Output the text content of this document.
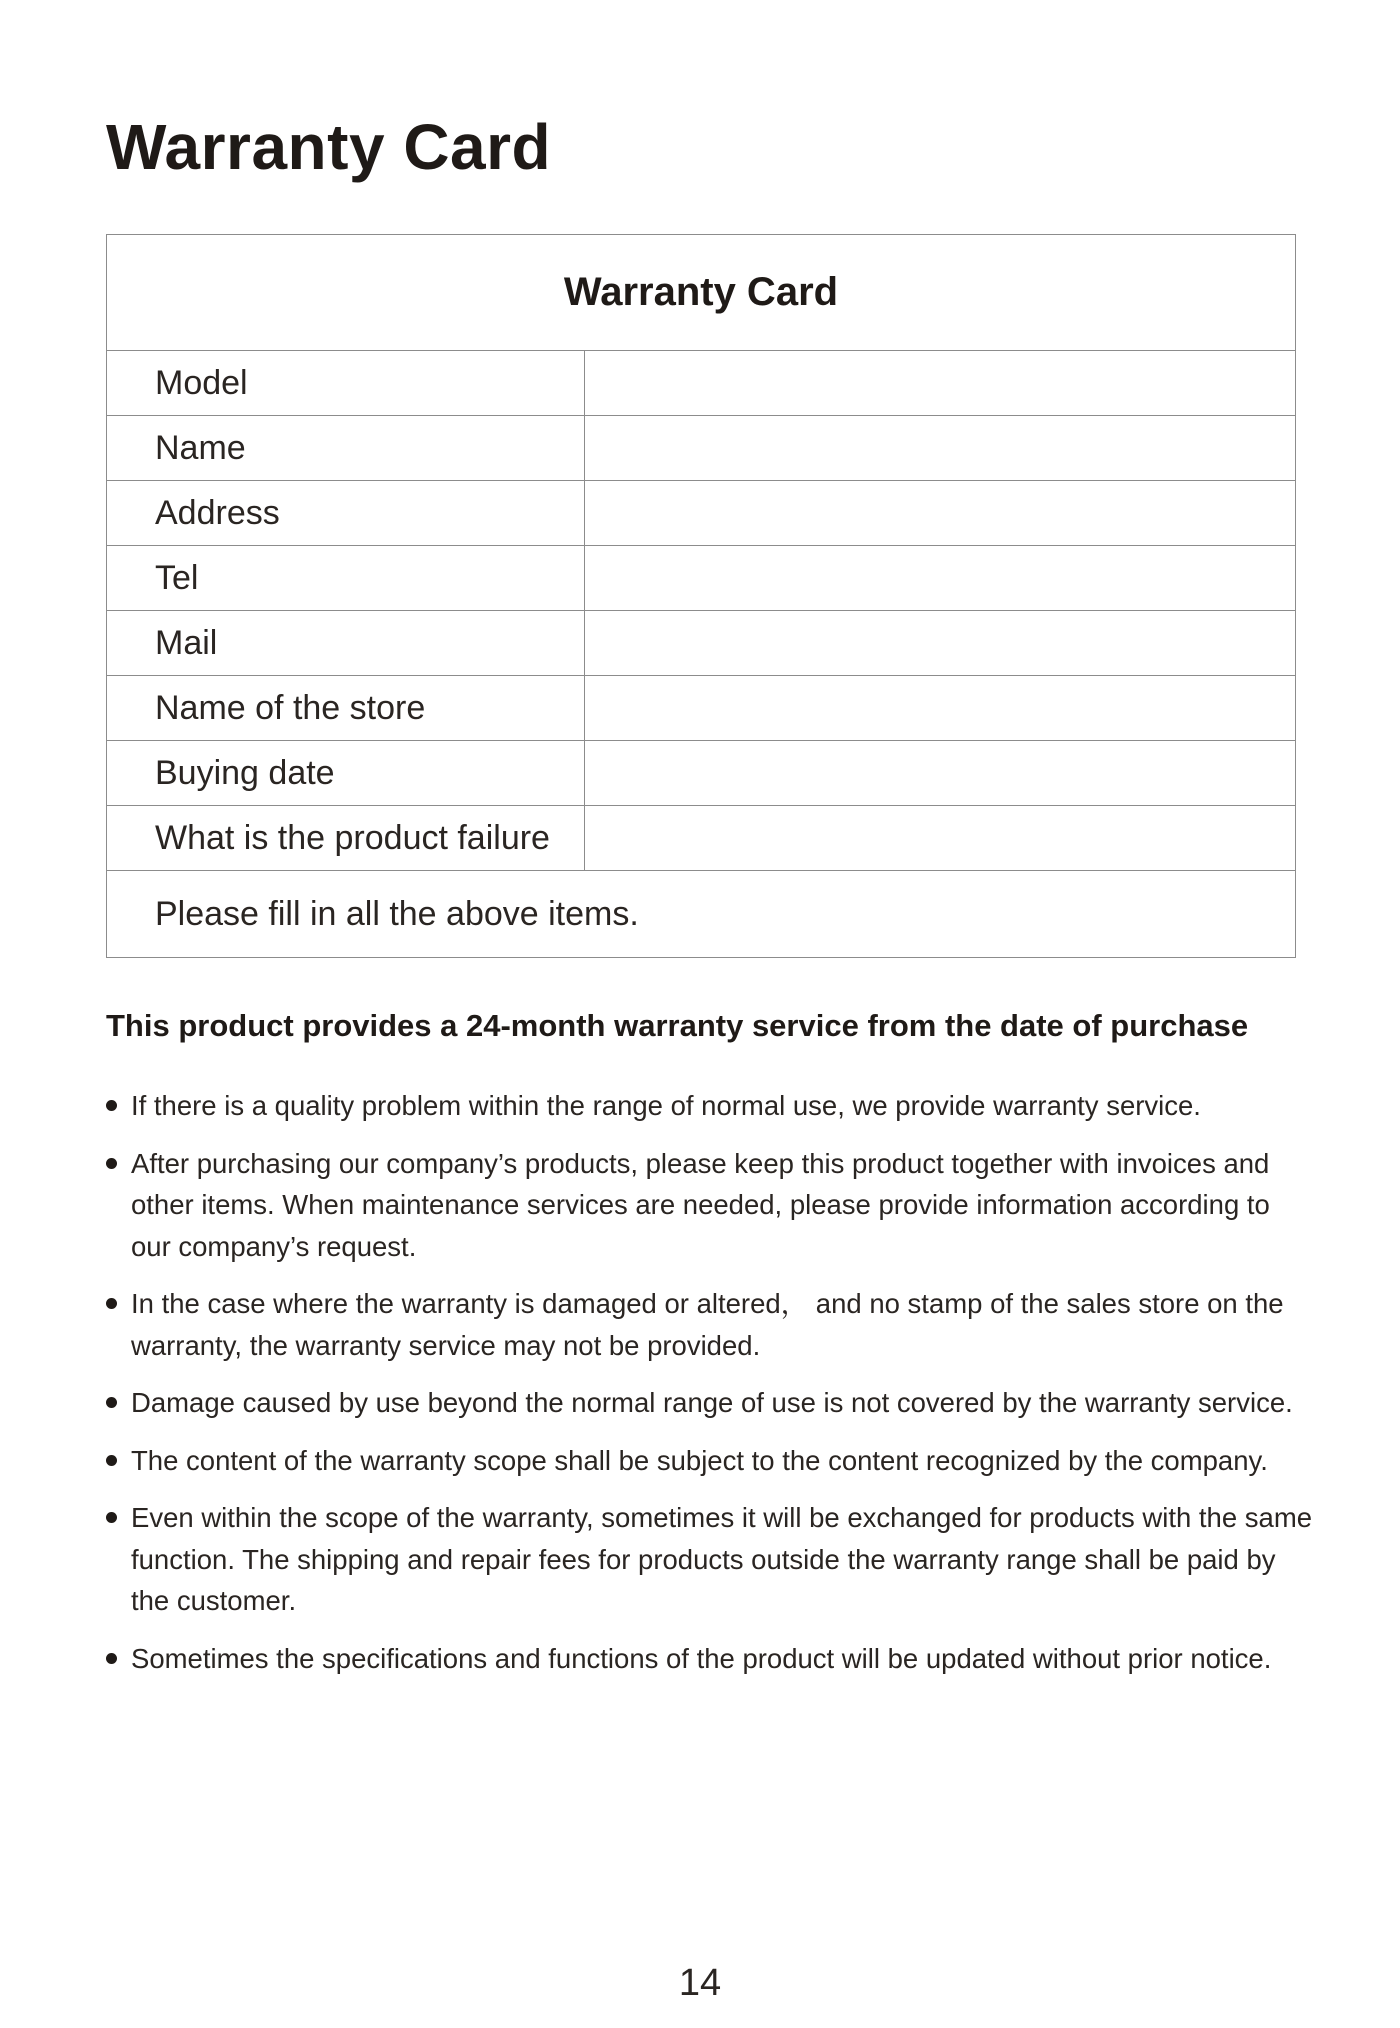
Warranty Card
Warranty Card
Model
Name
Address
Tel
Mail
Name of the store
Buying date
What is the product failure
Please fill in all the above items.
This product provides a 24-month warranty service from the date of purchase
If there is a quality problem within the range of normal use, we provide warranty service.
After purchasing our company’s products, please keep this product together with invoices and other items. When maintenance services are needed, please provide information according to our company’s request.
In the case where the warranty is damaged or altered， and no stamp of the sales store on the warranty, the warranty service may not be provided.
Damage caused by use beyond the normal range of use is not covered by the warranty service.
The content of the warranty scope shall be subject to the content recognized by the company.
Even within the scope of the warranty, sometimes it will be exchanged for products with the same function. The shipping and repair fees for products outside the warranty range shall be paid by the customer.
Sometimes the specifications and functions of the product will be updated without prior notice.
14
